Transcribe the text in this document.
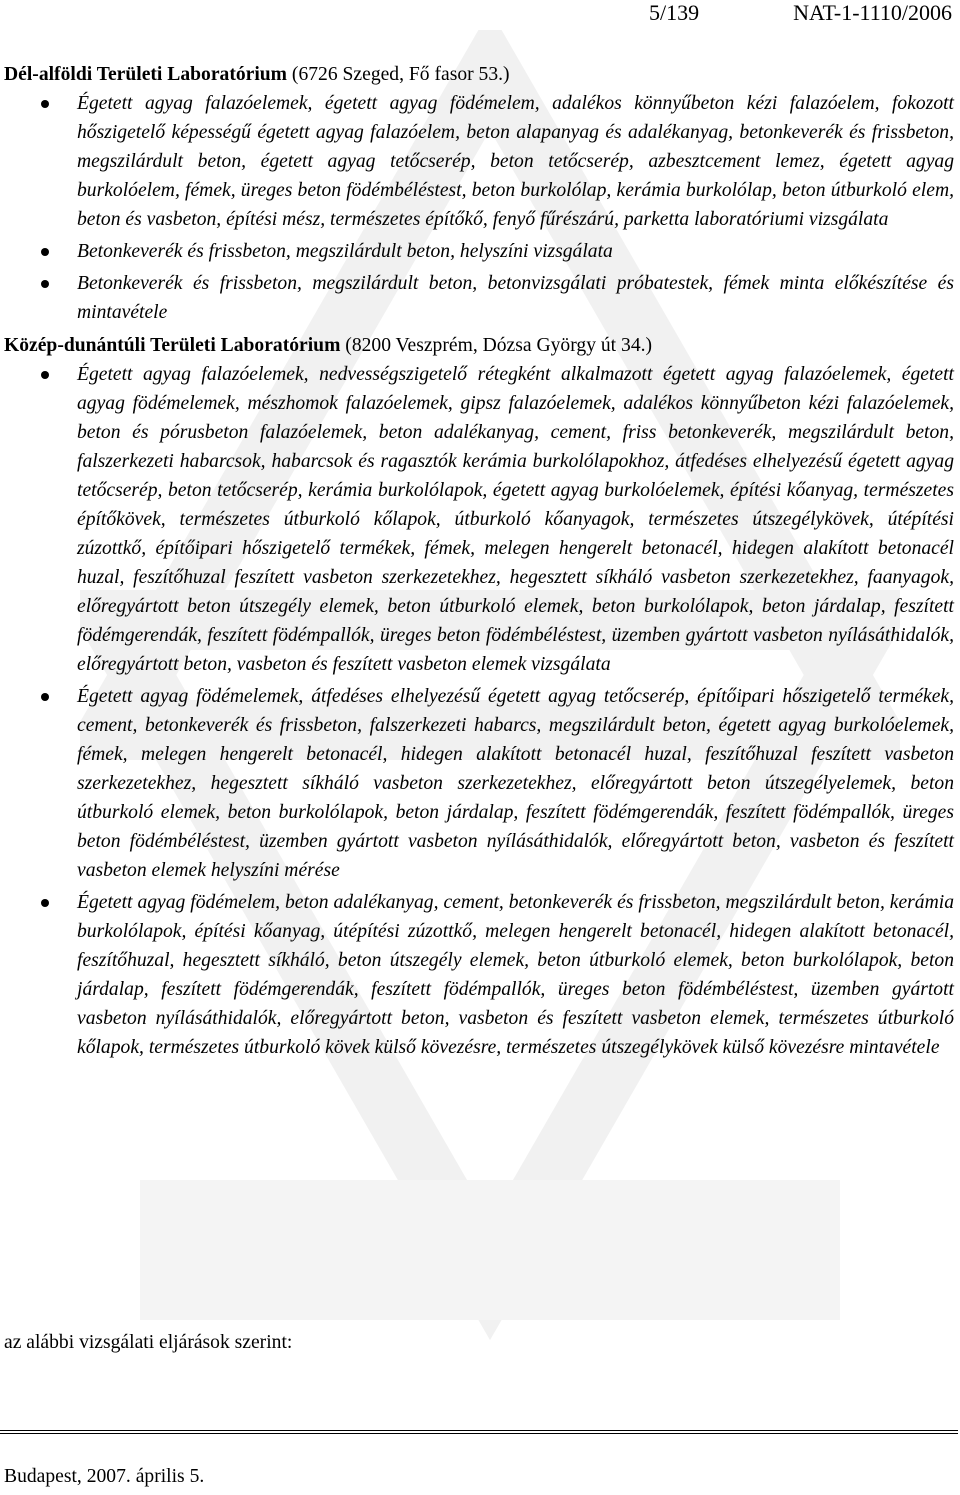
5/139	NAT-1-1110/2006

Dél-alföldi Területi Laboratórium (6726 Szeged, Fő fasor 53.)

Égetett agyag falazóelemek, égetett agyag födémelem, adalékos könnyűbeton kézi falazóelem, fokozott hőszigetelő képességű égetett agyag falazóelem, beton alapanyag és adalékanyag, betonkeverék és frissbeton, megszilárdult beton, égetett agyag tetőcserép, beton tetőcserép, azbesztcement lemez, égetett agyag burkolóelem, fémek, üreges beton födémbéléstest, beton burkolólap, kerámia burkolólap, beton útburkoló elem, beton és vasbeton, építési mész, természetes építőkő, fenyő fűrészárú, parketta laboratóriumi vizsgálata
Betonkeverék és frissbeton, megszilárdult beton, helyszíni vizsgálata
Betonkeverék és frissbeton, megszilárdult beton, betonvizsgálati próbatestek, fémek minta előkészítése és mintavétele

Közép-dunántúli Területi Laboratórium (8200 Veszprém, Dózsa György út 34.)

Égetett agyag falazóelemek, nedvességszigetelő rétegként alkalmazott égetett agyag falazóelemek, égetett agyag födémelemek, mészhomok falazóelemek, gipsz falazóelemek, adalékos könnyűbeton kézi falazóelemek, beton és pórusbeton falazóelemek, beton adalékanyag, cement, friss betonkeverék, megszilárdult beton, falszerkezeti habarcsok, habarcsok és ragasztók kerámia burkolólapokhoz, átfedéses elhelyezésű égetett agyag tetőcserép, beton tetőcserép, kerámia burkolólapok, égetett agyag burkolóelemek, építési kőanyag, természetes építőkövek, természetes útburkoló kőlapok, útburkoló kőanyagok, természetes útszegélykövek, útépítési zúzottkő, építőipari hőszigetelő termékek, fémek, melegen hengerelt betonacél, hidegen alakított betonacél huzal, feszítőhuzal feszített vasbeton szerkezetekhez, hegesztett síkháló vasbeton szerkezetekhez, faanyagok, előregyártott beton útszegély elemek, beton útburkoló elemek, beton burkolólapok, beton járdalap, feszített födémgerendák, feszített födémpallók, üreges beton födémbéléstest, üzemben gyártott vasbeton nyílásáthidalók, előregyártott beton, vasbeton és feszített vasbeton elemek vizsgálata
Égetett agyag födémelemek, átfedéses elhelyezésű égetett agyag tetőcserép, építőipari hőszigetelő termékek, cement, betonkeverék és frissbeton, falszerkezeti habarcs, megszilárdult beton, égetett agyag burkolóelemek, fémek, melegen hengerelt betonacél, hidegen alakított betonacél huzal, feszítőhuzal feszített vasbeton szerkezetekhez, hegesztett síkháló vasbeton szerkezetekhez, előregyártott beton útszegélyelemek, beton útburkoló elemek, beton burkolólapok, beton járdalap, feszített födémgerendák, feszített födémpallók, üreges beton födémbéléstest, üzemben gyártott vasbeton nyílásáthidalók, előregyártott beton, vasbeton és feszített vasbeton elemek helyszíni mérése
Égetett agyag födémelem, beton adalékanyag, cement, betonkeverék és frissbeton, megszilárdult beton, kerámia burkolólapok, építési kőanyag, útépítési zúzottkő, melegen hengerelt betonacél, hidegen alakított betonacél, feszítőhuzal, hegesztett síkháló, beton útszegély elemek, beton útburkoló elemek, beton burkolólapok, beton járdalap, feszített födémgerendák, feszített födémpallók, üreges beton födémbéléstest, üzemben gyártott vasbeton nyílásáthidalók, előregyártott beton, vasbeton és feszített vasbeton elemek, természetes útburkoló kőlapok, természetes útburkoló kövek külső kövezésre, természetes útszegélykövek külső kövezésre mintavétele
az alábbi vizsgálati eljárások szerint:
Budapest, 2007. április 5.
